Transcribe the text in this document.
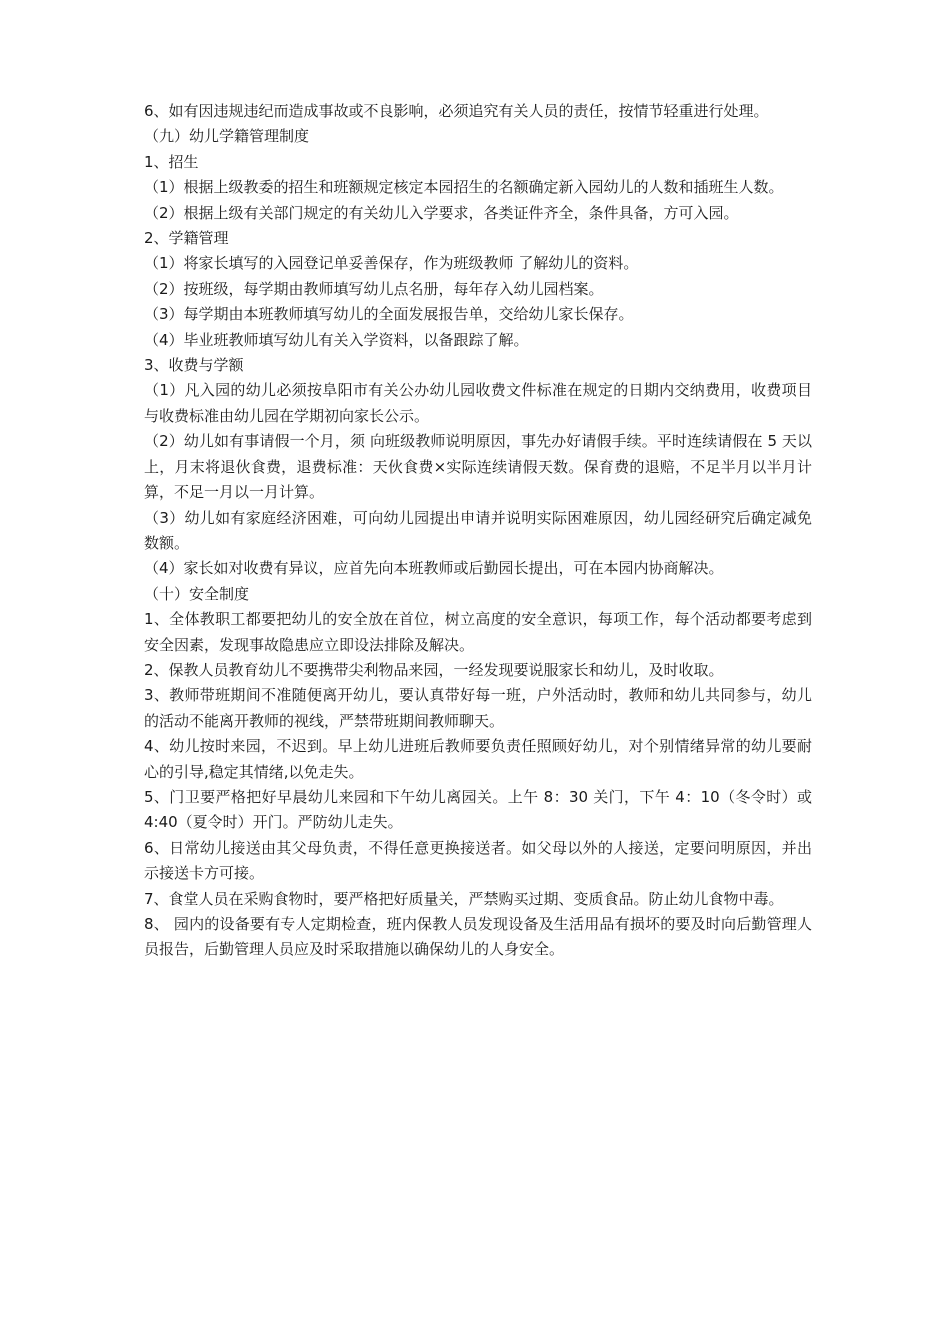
6、如有因违规违纪而造成事故或不良影响，必须追究有关人员的责任，按情节轻重进行处理。

（九）幼儿学籍管理制度

1、招生

（1）根据上级教委的招生和班额规定核定本园招生的名额确定新入园幼儿的人数和插班生人数。

（2）根据上级有关部门规定的有关幼儿入学要求，各类证件齐全，条件具备，方可入园。

2、学籍管理

（1）将家长填写的入园登记单妥善保存，作为班级教师 了解幼儿的资料。

（2）按班级，每学期由教师填写幼儿点名册，每年存入幼儿园档案。

（3）每学期由本班教师填写幼儿的全面发展报告单，交给幼儿家长保存。

（4）毕业班教师填写幼儿有关入学资料，以备跟踪了解。

3、收费与学额

（1）凡入园的幼儿必须按阜阳市有关公办幼儿园收费文件标准在规定的日期内交纳费用，收费项目与收费标准由幼儿园在学期初向家长公示。

（2）幼儿如有事请假一个月，须 向班级教师说明原因，事先办好请假手续。平时连续请假在 5 天以上，月末将退伙食费，退费标准：天伙食费×实际连续请假天数。保育费的退赔，不足半月以半月计算，不足一月以一月计算。

（3）幼儿如有家庭经济困难，可向幼儿园提出申请并说明实际困难原因，幼儿园经研究后确定减免数额。

（4）家长如对收费有异议，应首先向本班教师或后勤园长提出，可在本园内协商解决。

（十）安全制度

1、全体教职工都要把幼儿的安全放在首位，树立高度的安全意识，每项工作，每个活动都要考虑到安全因素，发现事故隐患应立即设法排除及解决。

2、保教人员教育幼儿不要携带尖利物品来园，一经发现要说服家长和幼儿，及时收取。

3、教师带班期间不准随便离开幼儿，要认真带好每一班，户外活动时，教师和幼儿共同参与，幼儿的活动不能离开教师的视线，严禁带班期间教师聊天。

4、幼儿按时来园，不迟到。早上幼儿进班后教师要负责任照顾好幼儿，对个别情绪异常的幼儿要耐心的引导,稳定其情绪,以免走失。

5、门卫要严格把好早晨幼儿来园和下午幼儿离园关。上午 8：30 关门，下午 4：10（冬令时）或 4:40（夏令时）开门。严防幼儿走失。

6、日常幼儿接送由其父母负责，不得任意更换接送者。如父母以外的人接送，定要问明原因，并出示接送卡方可接。

7、食堂人员在采购食物时，要严格把好质量关，严禁购买过期、变质食品。防止幼儿食物中毒。

8、 园内的设备要有专人定期检查，班内保教人员发现设备及生活用品有损坏的要及时向后勤管理人员报告，后勤管理人员应及时采取措施以确保幼儿的人身安全。
